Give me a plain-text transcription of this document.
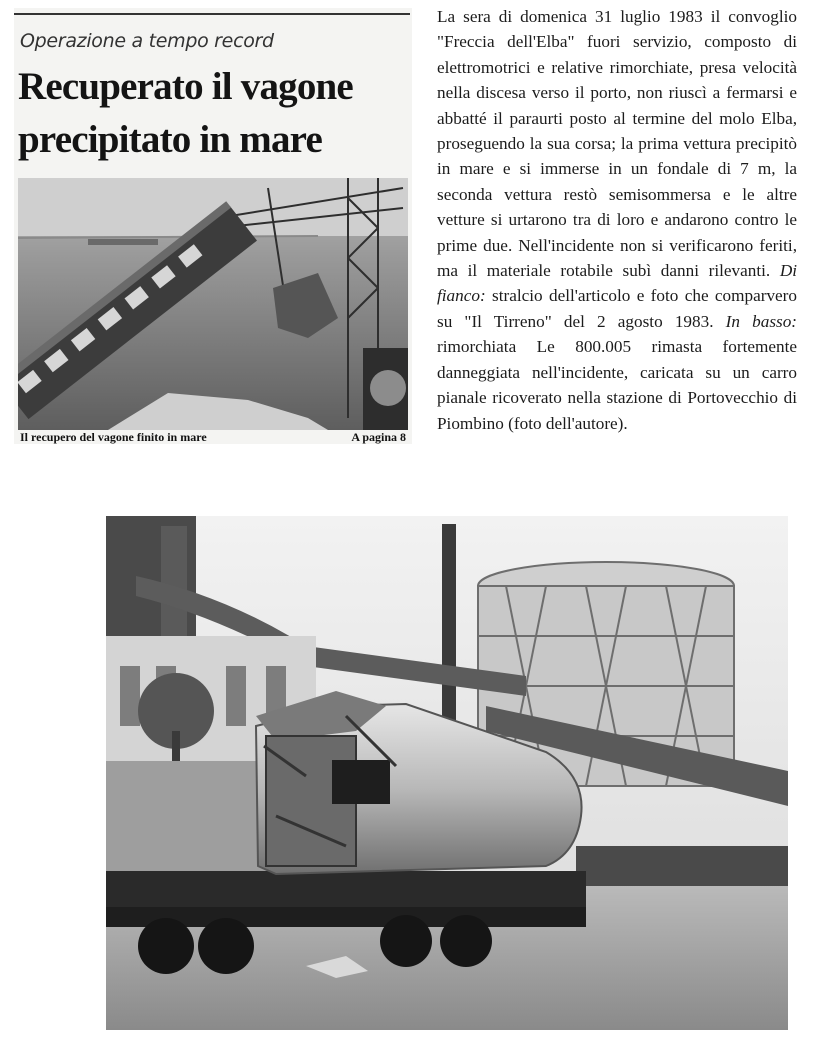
Operazione a tempo record
Recuperato il vagone precipitato in mare
Il recupero del vagone finito in mare	A pagina 8

La sera di domenica 31 luglio 1983 il convoglio "Freccia dell'Elba" fuori servizio, composto di elettromotrici e relative rimorchiate, presa velocità nella discesa verso il porto, non riuscì a fermarsi e abbatté il paraurti posto al termine del molo Elba, proseguendo la sua corsa; la prima vettura precipitò in mare e si immerse in un fondale di 7 m, la seconda vettura restò semisommersa e le altre vetture si urtarono tra di loro e andarono contro le prime due. Nell'incidente non si verificarono feriti, ma il materiale rotabile subì danni rilevanti. Di fianco: stralcio dell'articolo e foto che comparvero su "Il Tirreno" del 2 agosto 1983. In basso: rimorchiata Le 800.005 rimasta fortemente danneggiata nell'incidente, caricata su un carro pianale ricoverato nella stazione di Portovecchio di Piombino (foto dell'autore).
